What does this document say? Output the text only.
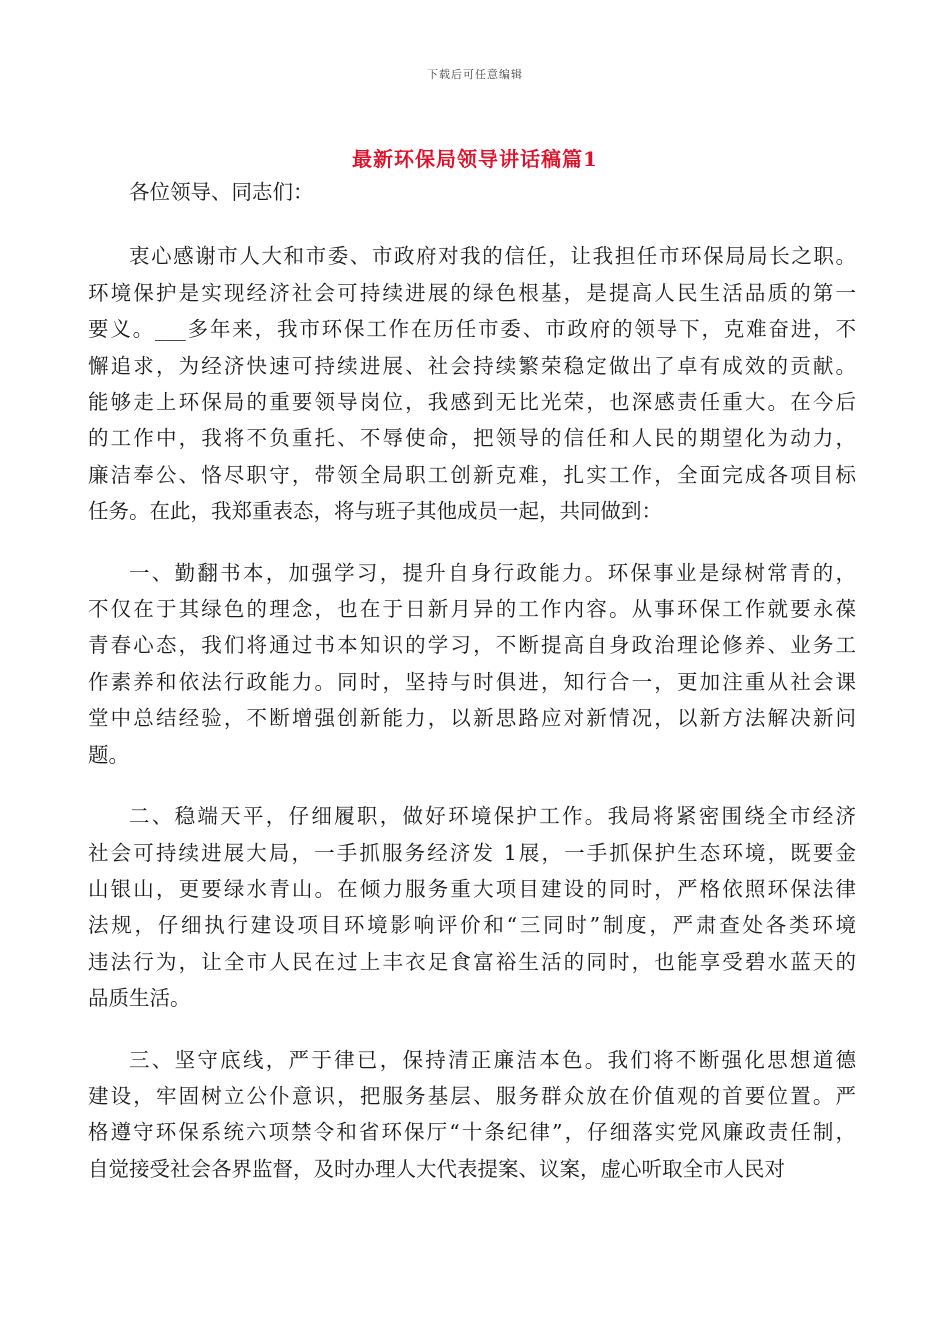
下载后可任意编辑
最新环保局领导讲话稿篇1

各位领导、同志们：

衷心感谢市人大和市委、市政府对我的信任，让我担任市环保局局长之职。
环境保护是实现经济社会可持续进展的绿色根基，是提高人民生活品质的第一
要义。___多年来，我市环保工作在历任市委、市政府的领导下，克难奋进，不
懈追求，为经济快速可持续进展、社会持续繁荣稳定做出了卓有成效的贡献。
能够走上环保局的重要领导岗位，我感到无比光荣，也深感责任重大。在今后
的工作中，我将不负重托、不辱使命，把领导的信任和人民的期望化为动力，
廉洁奉公、恪尽职守，带领全局职工创新克难，扎实工作，全面完成各项目标
任务。在此，我郑重表态，将与班子其他成员一起，共同做到：
一、勤翻书本，加强学习，提升自身行政能力。环保事业是绿树常青的，
不仅在于其绿色的理念，也在于日新月异的工作内容。从事环保工作就要永葆
青春心态，我们将通过书本知识的学习，不断提高自身政治理论修养、业务工
作素养和依法行政能力。同时，坚持与时俱进，知行合一，更加注重从社会课
堂中总结经验，不断增强创新能力，以新思路应对新情况，以新方法解决新问
题。
二、稳端天平，仔细履职，做好环境保护工作。我局将紧密围绕全市经济
社会可持续进展大局，一手抓服务经济发 1展，一手抓保护生态环境，既要金
山银山，更要绿水青山。在倾力服务重大项目建设的同时，严格依照环保法律
法规，仔细执行建设项目环境影响评价和“三同时”制度，严肃查处各类环境
违法行为，让全市人民在过上丰衣足食富裕生活的同时，也能享受碧水蓝天的
品质生活。
三、坚守底线，严于律已，保持清正廉洁本色。我们将不断强化思想道德
建设，牢固树立公仆意识，把服务基层、服务群众放在价值观的首要位置。严
格遵守环保系统六项禁令和省环保厅“十条纪律”，仔细落实党风廉政责任制，
自觉接受社会各界监督，及时办理人大代表提案、议案，虚心听取全市人民对
